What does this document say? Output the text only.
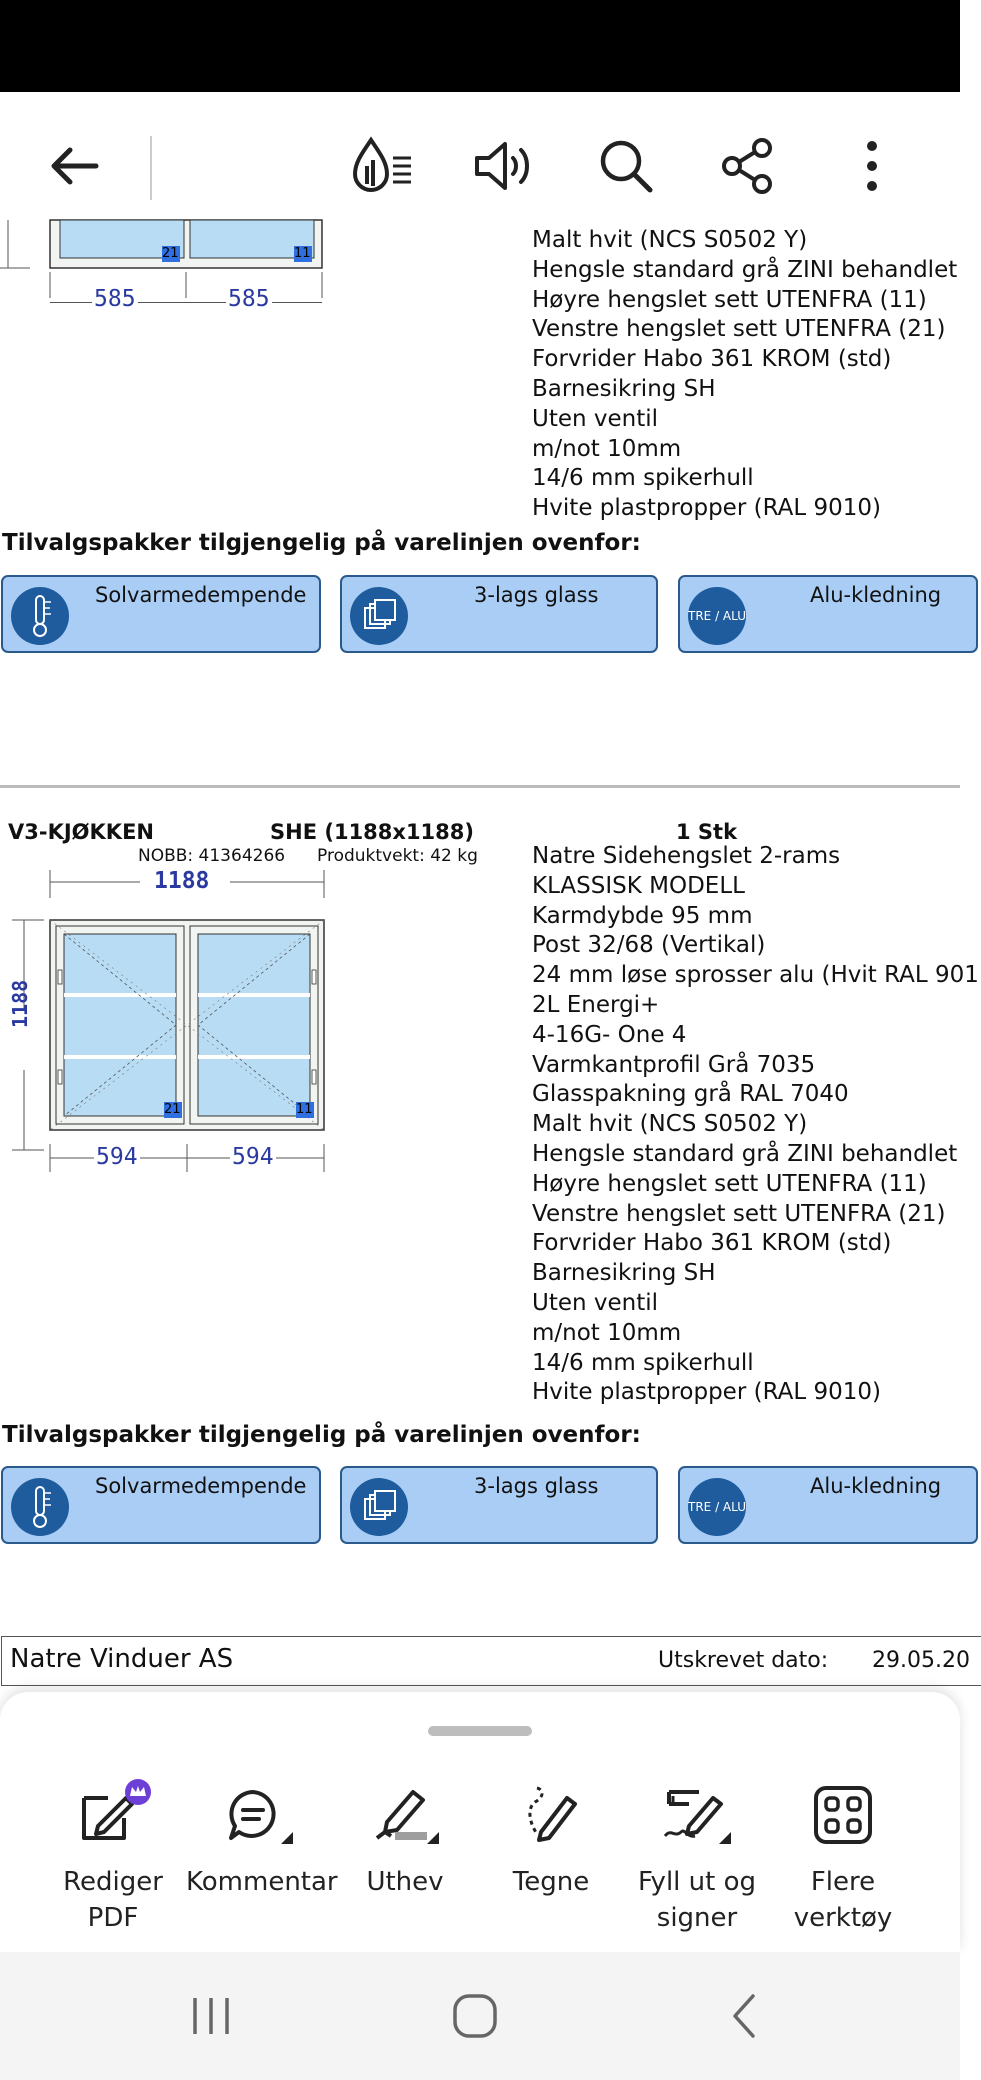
21	11
585	585
Malt hvit (NCS S0502 Y)
Hengsle standard grå ZINI behandlet
Høyre hengslet sett UTENFRA (11)
Venstre hengslet sett UTENFRA (21)
Forvrider Habo 361 KROM (std)
Barnesikring SH
Uten ventil
m/not 10mm
14/6 mm spikerhull
Hvite plastpropper (RAL 9010)
Tilvalgspakker tilgjengelig på varelinjen ovenfor:
Solvarmedempende	3-lags glass
TRE / ALU
Alu-kledning
V3-KJØKKEN	SHE (1188x1188)	1 Stk
NOBB: 41364266 Produktvekt: 42 kg
1188
1188
21	11
594	594
Natre Sidehengslet 2-rams
KLASSISK MODELL
Karmdybde 95 mm
Post 32/68 (Vertikal)
24 mm løse sprosser alu (Hvit RAL 901
2L Energi+
4-16G- One 4
Varmkantprofil Grå 7035
Glasspakning grå RAL 7040
Malt hvit (NCS S0502 Y)
Hengsle standard grå ZINI behandlet
Høyre hengslet sett UTENFRA (11)
Venstre hengslet sett UTENFRA (21)
Forvrider Habo 361 KROM (std)
Barnesikring SH
Uten ventil
m/not 10mm
14/6 mm spikerhull
Hvite plastpropper (RAL 9010)
Tilvalgspakker tilgjengelig på varelinjen ovenfor:
Solvarmedempende	3-lags glass
TRE / ALU
Alu-kledning
Natre Vinduer AS	Utskrevet dato: 29.05.20
Rediger PDF
Kommentar	Uthev	Tegne	Fyll ut og signer
Flere verktøy
